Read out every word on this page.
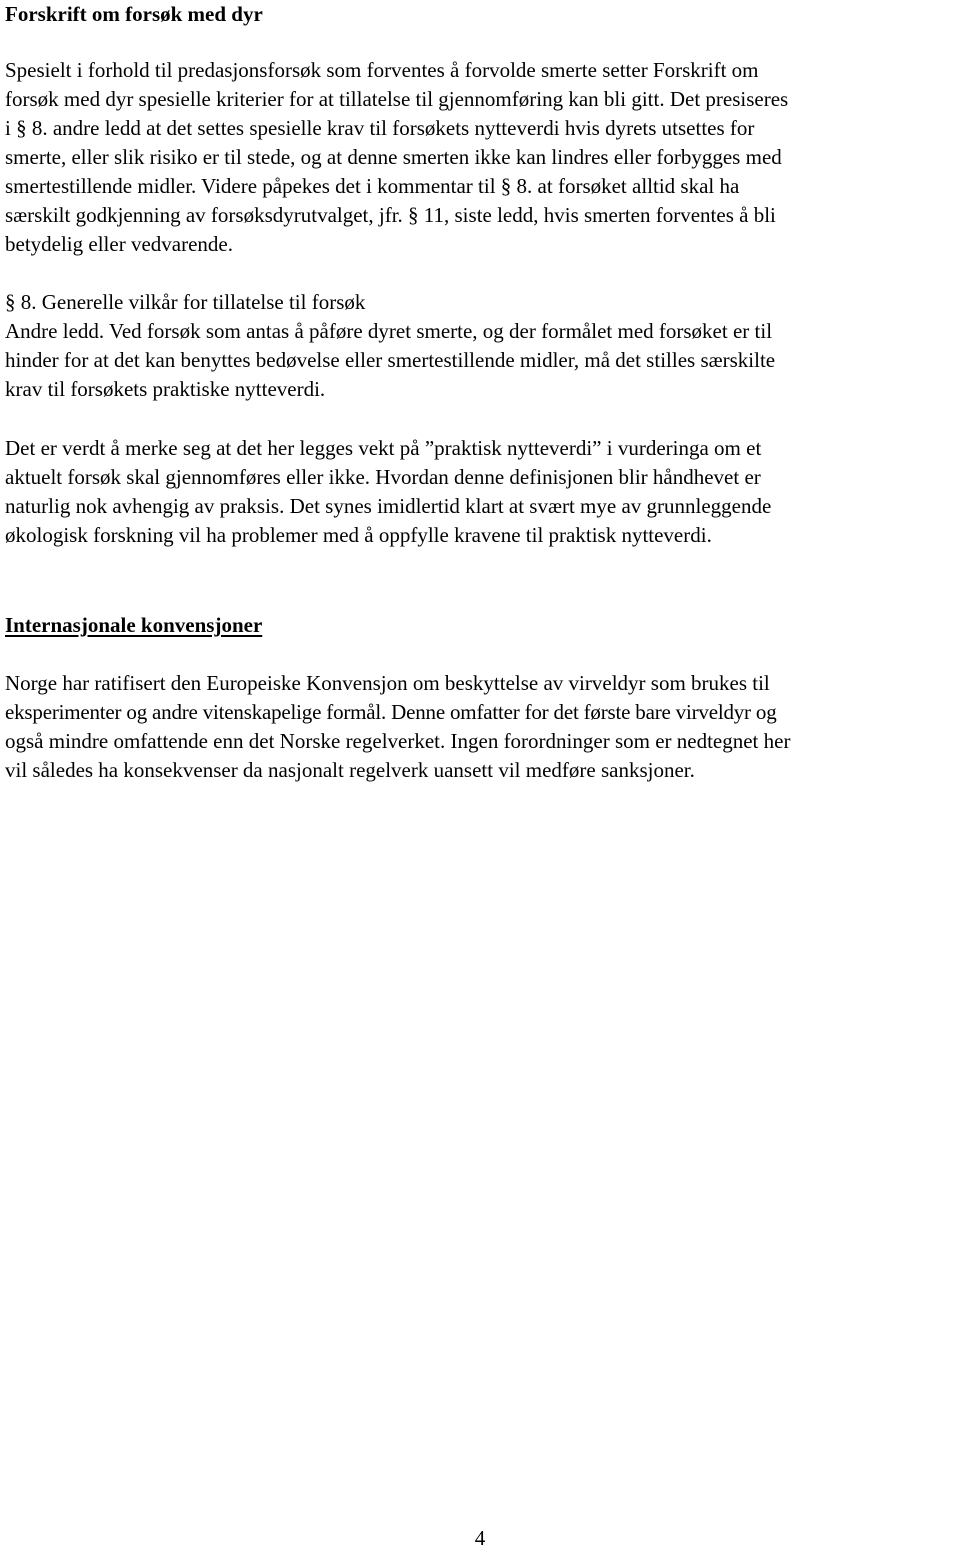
Forskrift om forsøk med dyr
Spesielt i forhold til predasjonsforsøk som forventes å forvolde smerte setter Forskrift om
forsøk med dyr spesielle kriterier for at tillatelse til gjennomføring kan bli gitt. Det presiseres
i § 8. andre ledd at det settes spesielle krav til forsøkets nytteverdi hvis dyrets utsettes for
smerte, eller slik risiko er til stede, og at denne smerten ikke kan lindres eller forbygges med
smertestillende midler. Videre påpekes det i kommentar til § 8. at forsøket alltid skal ha
særskilt godkjenning av forsøksdyrutvalget, jfr. § 11, siste ledd, hvis smerten forventes å bli
betydelig eller vedvarende.
§ 8. Generelle vilkår for tillatelse til forsøk
Andre ledd. Ved forsøk som antas å påføre dyret smerte, og der formålet med forsøket er til
hinder for at det kan benyttes bedøvelse eller smertestillende midler, må det stilles særskilte
krav til forsøkets praktiske nytteverdi.
Det er verdt å merke seg at det her legges vekt på ”praktisk nytteverdi” i vurderinga om et
aktuelt forsøk skal gjennomføres eller ikke. Hvordan denne definisjonen blir håndhevet er
naturlig nok avhengig av praksis. Det synes imidlertid klart at svært mye av grunnleggende
økologisk forskning vil ha problemer med å oppfylle kravene til praktisk nytteverdi.
Internasjonale konvensjoner
Norge har ratifisert den Europeiske Konvensjon om beskyttelse av virveldyr som brukes til
eksperimenter og andre vitenskapelige formål. Denne omfatter for det første bare virveldyr og
også mindre omfattende enn det Norske regelverket. Ingen forordninger som er nedtegnet her
vil således ha konsekvenser da nasjonalt regelverk uansett vil medføre sanksjoner.
4
